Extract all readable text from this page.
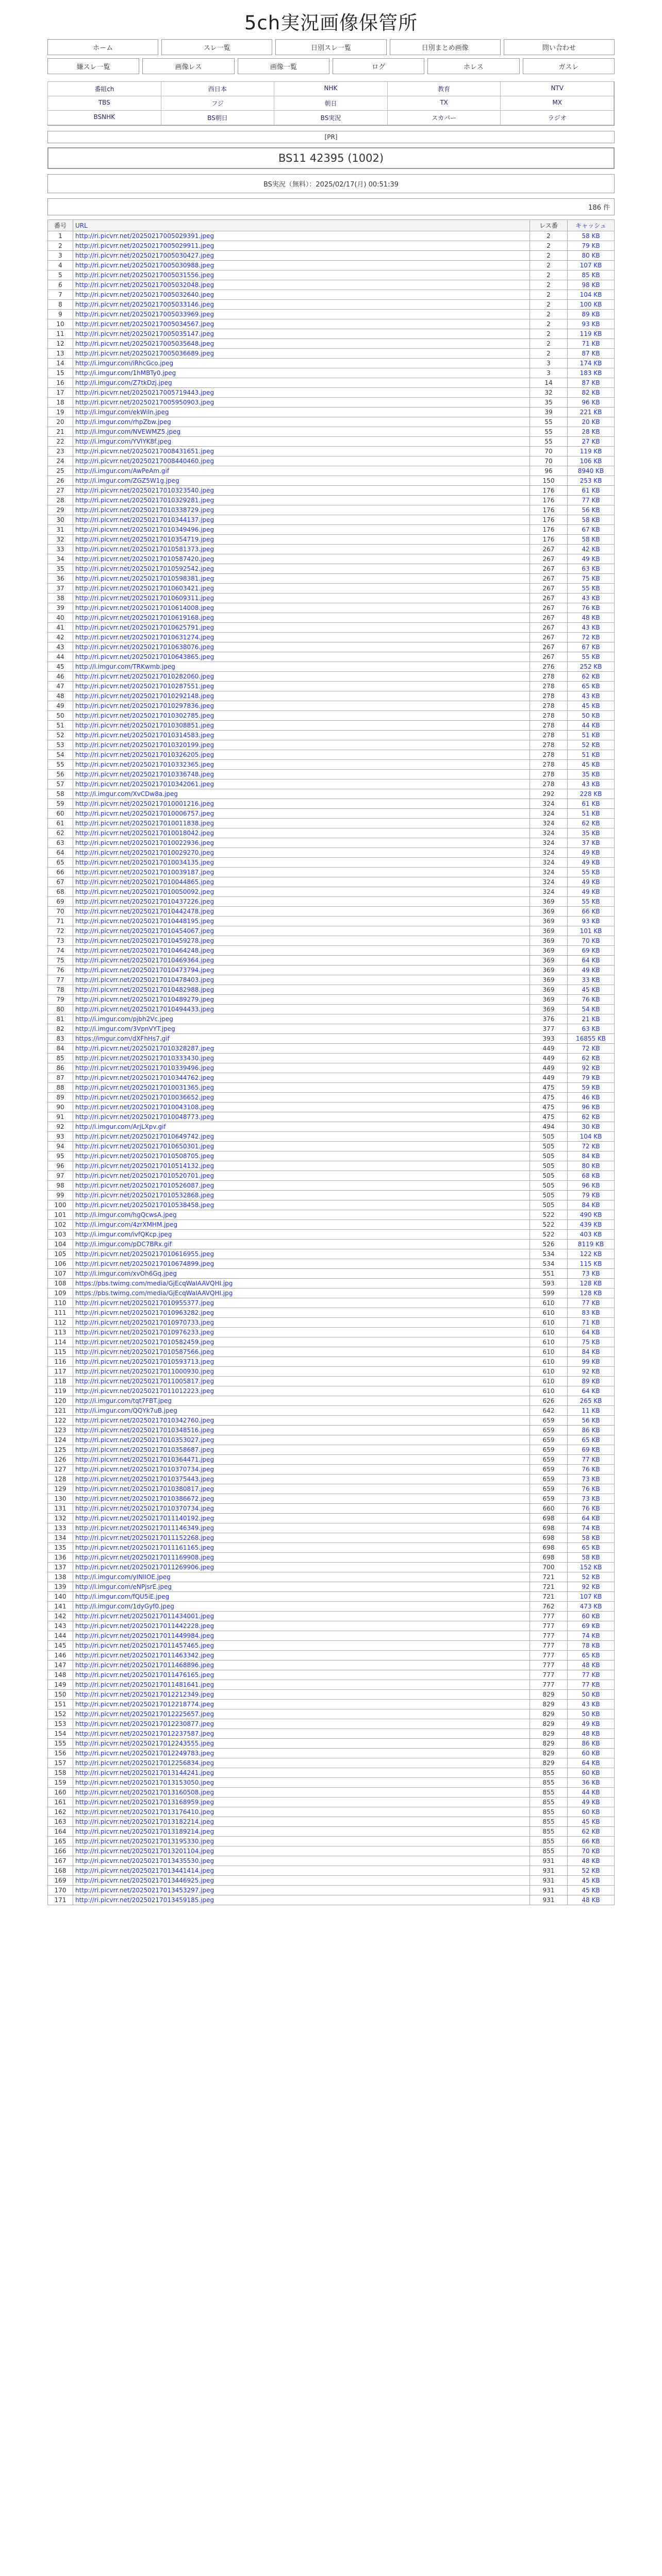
5ch実況画像保管所
ホーム	スレ一覧	日別スレ一覧	日別まとめ画像	問い合わせ
嫌スレ一覧	画像レス	画像一覧	ログ	ホレス	ガスレ
番組ch	西日本	NHK	教育	NTV
TBS	フジ	朝日	TX	MX
BSNHK	BS朝日	BS実況	スカパー	ラジオ
[PR]
BS11 42395 (1002)
BS実況（無料）：2025/02/17(月) 00:51:39
186 件
番号	URL	レス番	キャッシュ
1	http://ri.picvrr.net/20250217005029391.jpeg	2	58 KB
2	http://ri.picvrr.net/20250217005029911.jpeg	2	79 KB
3	http://ri.picvrr.net/20250217005030427.jpeg	2	80 KB
4	http://ri.picvrr.net/20250217005030988.jpeg	2	107 KB
5	http://ri.picvrr.net/20250217005031556.jpeg	2	85 KB
6	http://ri.picvrr.net/20250217005032048.jpeg	2	98 KB
7	http://ri.picvrr.net/20250217005032640.jpeg	2	104 KB
8	http://ri.picvrr.net/20250217005033146.jpeg	2	100 KB
9	http://ri.picvrr.net/20250217005033969.jpeg	2	89 KB
10	http://ri.picvrr.net/20250217005034567.jpeg	2	93 KB
11	http://ri.picvrr.net/20250217005035147.jpeg	2	119 KB
12	http://ri.picvrr.net/20250217005035648.jpeg	2	71 KB
13	http://ri.picvrr.net/20250217005036689.jpeg	2	87 KB
14	http://i.imgur.com/iRhcGco.jpeg	3	174 KB
15	http://i.imgur.com/1hMBTy0.jpeg	3	183 KB
16	http://i.imgur.com/Z7tkDzj.jpeg	14	87 KB
17	http://ri.picvrr.net/20250217005719443.jpeg	32	82 KB
18	http://ri.picvrr.net/20250217005950903.jpeg	35	96 KB
19	http://i.imgur.com/ekWiln.jpeg	39	221 KB
20	http://i.imgur.com/rhpZbw.jpeg	55	20 KB
21	http://i.imgur.com/NVEWMZ5.jpeg	55	28 KB
22	http://i.imgur.com/YVlYK8f.jpeg	55	27 KB
23	http://ri.picvrr.net/20250217008431651.jpeg	70	119 KB
24	http://ri.picvrr.net/20250217008440460.jpeg	70	106 KB
25	http://i.imgur.com/AwPeAm.gif	96	8940 KB
26	http://i.imgur.com/ZGZ5W1g.jpeg	150	253 KB
27	http://ri.picvrr.net/20250217010323540.jpeg	176	61 KB
28	http://ri.picvrr.net/20250217010329281.jpeg	176	77 KB
29	http://ri.picvrr.net/20250217010338729.jpeg	176	56 KB
30	http://ri.picvrr.net/20250217010344137.jpeg	176	58 KB
31	http://ri.picvrr.net/20250217010349496.jpeg	176	67 KB
32	http://ri.picvrr.net/20250217010354719.jpeg	176	58 KB
33	http://ri.picvrr.net/20250217010581373.jpeg	267	42 KB
34	http://ri.picvrr.net/20250217010587420.jpeg	267	49 KB
35	http://ri.picvrr.net/20250217010592542.jpeg	267	63 KB
36	http://ri.picvrr.net/20250217010598381.jpeg	267	75 KB
37	http://ri.picvrr.net/20250217010603421.jpeg	267	55 KB
38	http://ri.picvrr.net/20250217010609311.jpeg	267	43 KB
39	http://ri.picvrr.net/20250217010614008.jpeg	267	76 KB
40	http://ri.picvrr.net/20250217010619168.jpeg	267	48 KB
41	http://ri.picvrr.net/20250217010625791.jpeg	267	43 KB
42	http://ri.picvrr.net/20250217010631274.jpeg	267	72 KB
43	http://ri.picvrr.net/20250217010638076.jpeg	267	67 KB
44	http://ri.picvrr.net/20250217010643865.jpeg	267	55 KB
45	http://i.imgur.com/TRKwmb.jpeg	276	252 KB
46	http://ri.picvrr.net/20250217010282060.jpeg	278	62 KB
47	http://ri.picvrr.net/20250217010287551.jpeg	278	65 KB
48	http://ri.picvrr.net/20250217010292148.jpeg	278	43 KB
49	http://ri.picvrr.net/20250217010297836.jpeg	278	45 KB
50	http://ri.picvrr.net/20250217010302785.jpeg	278	50 KB
51	http://ri.picvrr.net/20250217010308851.jpeg	278	44 KB
52	http://ri.picvrr.net/20250217010314583.jpeg	278	51 KB
53	http://ri.picvrr.net/20250217010320199.jpeg	278	52 KB
54	http://ri.picvrr.net/20250217010326205.jpeg	278	51 KB
55	http://ri.picvrr.net/20250217010332365.jpeg	278	45 KB
56	http://ri.picvrr.net/20250217010336748.jpeg	278	35 KB
57	http://ri.picvrr.net/20250217010342061.jpeg	278	43 KB
58	http://i.imgur.com/XvCDw8a.jpeg	292	228 KB
59	http://ri.picvrr.net/20250217010001216.jpeg	324	61 KB
60	http://ri.picvrr.net/20250217010006757.jpeg	324	51 KB
61	http://ri.picvrr.net/20250217010011838.jpeg	324	62 KB
62	http://ri.picvrr.net/20250217010018042.jpeg	324	35 KB
63	http://ri.picvrr.net/20250217010022936.jpeg	324	37 KB
64	http://ri.picvrr.net/20250217010029270.jpeg	324	49 KB
65	http://ri.picvrr.net/20250217010034135.jpeg	324	49 KB
66	http://ri.picvrr.net/20250217010039187.jpeg	324	55 KB
67	http://ri.picvrr.net/20250217010044865.jpeg	324	49 KB
68	http://ri.picvrr.net/20250217010050092.jpeg	324	49 KB
69	http://ri.picvrr.net/20250217010437226.jpeg	369	55 KB
70	http://ri.picvrr.net/20250217010442478.jpeg	369	66 KB
71	http://ri.picvrr.net/20250217010448195.jpeg	369	93 KB
72	http://ri.picvrr.net/20250217010454067.jpeg	369	101 KB
73	http://ri.picvrr.net/20250217010459278.jpeg	369	70 KB
74	http://ri.picvrr.net/20250217010464248.jpeg	369	69 KB
75	http://ri.picvrr.net/20250217010469364.jpeg	369	64 KB
76	http://ri.picvrr.net/20250217010473794.jpeg	369	49 KB
77	http://ri.picvrr.net/20250217010478403.jpeg	369	33 KB
78	http://ri.picvrr.net/20250217010482988.jpeg	369	45 KB
79	http://ri.picvrr.net/20250217010489279.jpeg	369	76 KB
80	http://ri.picvrr.net/20250217010494433.jpeg	369	54 KB
81	http://i.imgur.com/pjbh2Vc.jpeg	376	21 KB
82	http://i.imgur.com/3VpnVYT.jpeg	377	63 KB
83	https://imgur.com/dXFhHs7.gif	393	16855 KB
84	http://ri.picvrr.net/20250217010328287.jpeg	449	72 KB
85	http://ri.picvrr.net/20250217010333430.jpeg	449	62 KB
86	http://ri.picvrr.net/20250217010339496.jpeg	449	92 KB
87	http://ri.picvrr.net/20250217010344762.jpeg	449	79 KB
88	http://ri.picvrr.net/20250217010031365.jpeg	475	59 KB
89	http://ri.picvrr.net/20250217010036652.jpeg	475	46 KB
90	http://ri.picvrr.net/20250217010043108.jpeg	475	96 KB
91	http://ri.picvrr.net/20250217010048773.jpeg	475	62 KB
92	http://i.imgur.com/ArjLXpv.gif	494	30 KB
93	http://ri.picvrr.net/20250217010649742.jpeg	505	104 KB
94	http://ri.picvrr.net/20250217010650301.jpeg	505	72 KB
95	http://ri.picvrr.net/20250217010508705.jpeg	505	84 KB
96	http://ri.picvrr.net/20250217010514132.jpeg	505	80 KB
97	http://ri.picvrr.net/20250217010520701.jpeg	505	68 KB
98	http://ri.picvrr.net/20250217010526087.jpeg	505	96 KB
99	http://ri.picvrr.net/20250217010532868.jpeg	505	79 KB
100	http://ri.picvrr.net/20250217010538458.jpeg	505	84 KB
101	http://i.imgur.com/hgQcwsA.jpeg	522	490 KB
102	http://i.imgur.com/4zrXMHM.jpeg	522	439 KB
103	http://i.imgur.com/ivfQKcp.jpeg	522	403 KB
104	http://i.imgur.com/pDC7BRx.gif	526	8119 KB
105	http://ri.picvrr.net/20250217010616955.jpeg	534	122 KB
106	http://ri.picvrr.net/20250217010674899.jpeg	534	115 KB
107	http://i.imgur.com/xvOh6Gq.jpeg	551	73 KB
108	https://pbs.twimg.com/media/GjEcqWaIAAVQHI.jpg	593	128 KB
109	https://pbs.twimg.com/media/GjEcqWaIAAVQHI.jpg	599	128 KB
110	http://ri.picvrr.net/20250217010955377.jpeg	610	77 KB
111	http://ri.picvrr.net/20250217010963282.jpeg	610	83 KB
112	http://ri.picvrr.net/20250217010970733.jpeg	610	71 KB
113	http://ri.picvrr.net/20250217010976233.jpeg	610	64 KB
114	http://ri.picvrr.net/20250217010582459.jpeg	610	75 KB
115	http://ri.picvrr.net/20250217010587566.jpeg	610	84 KB
116	http://ri.picvrr.net/20250217010593713.jpeg	610	99 KB
117	http://ri.picvrr.net/20250217011000930.jpeg	610	92 KB
118	http://ri.picvrr.net/20250217011005817.jpeg	610	89 KB
119	http://ri.picvrr.net/20250217011012223.jpeg	610	64 KB
120	http://i.imgur.com/tqt7FBT.jpeg	626	265 KB
121	http://i.imgur.com/QQYk7uB.jpeg	642	11 KB
122	http://ri.picvrr.net/20250217010342760.jpeg	659	56 KB
123	http://ri.picvrr.net/20250217010348516.jpeg	659	86 KB
124	http://ri.picvrr.net/20250217010353027.jpeg	659	65 KB
125	http://ri.picvrr.net/20250217010358687.jpeg	659	69 KB
126	http://ri.picvrr.net/20250217010364471.jpeg	659	77 KB
127	http://ri.picvrr.net/20250217010370734.jpeg	659	76 KB
128	http://ri.picvrr.net/20250217010375443.jpeg	659	73 KB
129	http://ri.picvrr.net/20250217010380817.jpeg	659	76 KB
130	http://ri.picvrr.net/20250217010386672.jpeg	659	73 KB
131	http://ri.picvrr.net/20250217010370734.jpeg	660	76 KB
132	http://ri.picvrr.net/20250217011140192.jpeg	698	64 KB
133	http://ri.picvrr.net/20250217011146349.jpeg	698	74 KB
134	http://ri.picvrr.net/20250217011152268.jpeg	698	58 KB
135	http://ri.picvrr.net/20250217011161165.jpeg	698	65 KB
136	http://ri.picvrr.net/20250217011169908.jpeg	698	58 KB
137	http://ri.picvrr.net/20250217011269906.jpeg	700	152 KB
138	http://i.imgur.com/yINlIOE.jpeg	721	52 KB
139	http://i.imgur.com/eNPjsrE.jpeg	721	92 KB
140	http://i.imgur.com/fQU5iE.jpeg	721	107 KB
141	http://i.imgur.com/1dyGyf0.jpeg	762	473 KB
142	http://ri.picvrr.net/20250217011434001.jpeg	777	60 KB
143	http://ri.picvrr.net/20250217011442228.jpeg	777	69 KB
144	http://ri.picvrr.net/20250217011449984.jpeg	777	74 KB
145	http://ri.picvrr.net/20250217011457465.jpeg	777	78 KB
146	http://ri.picvrr.net/20250217011463342.jpeg	777	65 KB
147	http://ri.picvrr.net/20250217011468896.jpeg	777	48 KB
148	http://ri.picvrr.net/20250217011476165.jpeg	777	77 KB
149	http://ri.picvrr.net/20250217011481641.jpeg	777	77 KB
150	http://ri.picvrr.net/20250217012212349.jpeg	829	50 KB
151	http://ri.picvrr.net/20250217012218774.jpeg	829	43 KB
152	http://ri.picvrr.net/20250217012225657.jpeg	829	50 KB
153	http://ri.picvrr.net/20250217012230877.jpeg	829	49 KB
154	http://ri.picvrr.net/20250217012237587.jpeg	829	48 KB
155	http://ri.picvrr.net/20250217012243555.jpeg	829	86 KB
156	http://ri.picvrr.net/20250217012249783.jpeg	829	60 KB
157	http://ri.picvrr.net/20250217012256834.jpeg	829	64 KB
158	http://ri.picvrr.net/20250217013144241.jpeg	855	60 KB
159	http://ri.picvrr.net/20250217013153050.jpeg	855	36 KB
160	http://ri.picvrr.net/20250217013160508.jpeg	855	44 KB
161	http://ri.picvrr.net/20250217013168959.jpeg	855	49 KB
162	http://ri.picvrr.net/20250217013176410.jpeg	855	60 KB
163	http://ri.picvrr.net/20250217013182214.jpeg	855	45 KB
164	http://ri.picvrr.net/20250217013189214.jpeg	855	62 KB
165	http://ri.picvrr.net/20250217013195330.jpeg	855	66 KB
166	http://ri.picvrr.net/20250217013201104.jpeg	855	70 KB
167	http://ri.picvrr.net/20250217013435530.jpeg	931	48 KB
168	http://ri.picvrr.net/20250217013441414.jpeg	931	52 KB
169	http://ri.picvrr.net/20250217013446925.jpeg	931	45 KB
170	http://ri.picvrr.net/20250217013453297.jpeg	931	45 KB
171	http://ri.picvrr.net/20250217013459185.jpeg	931	48 KB
